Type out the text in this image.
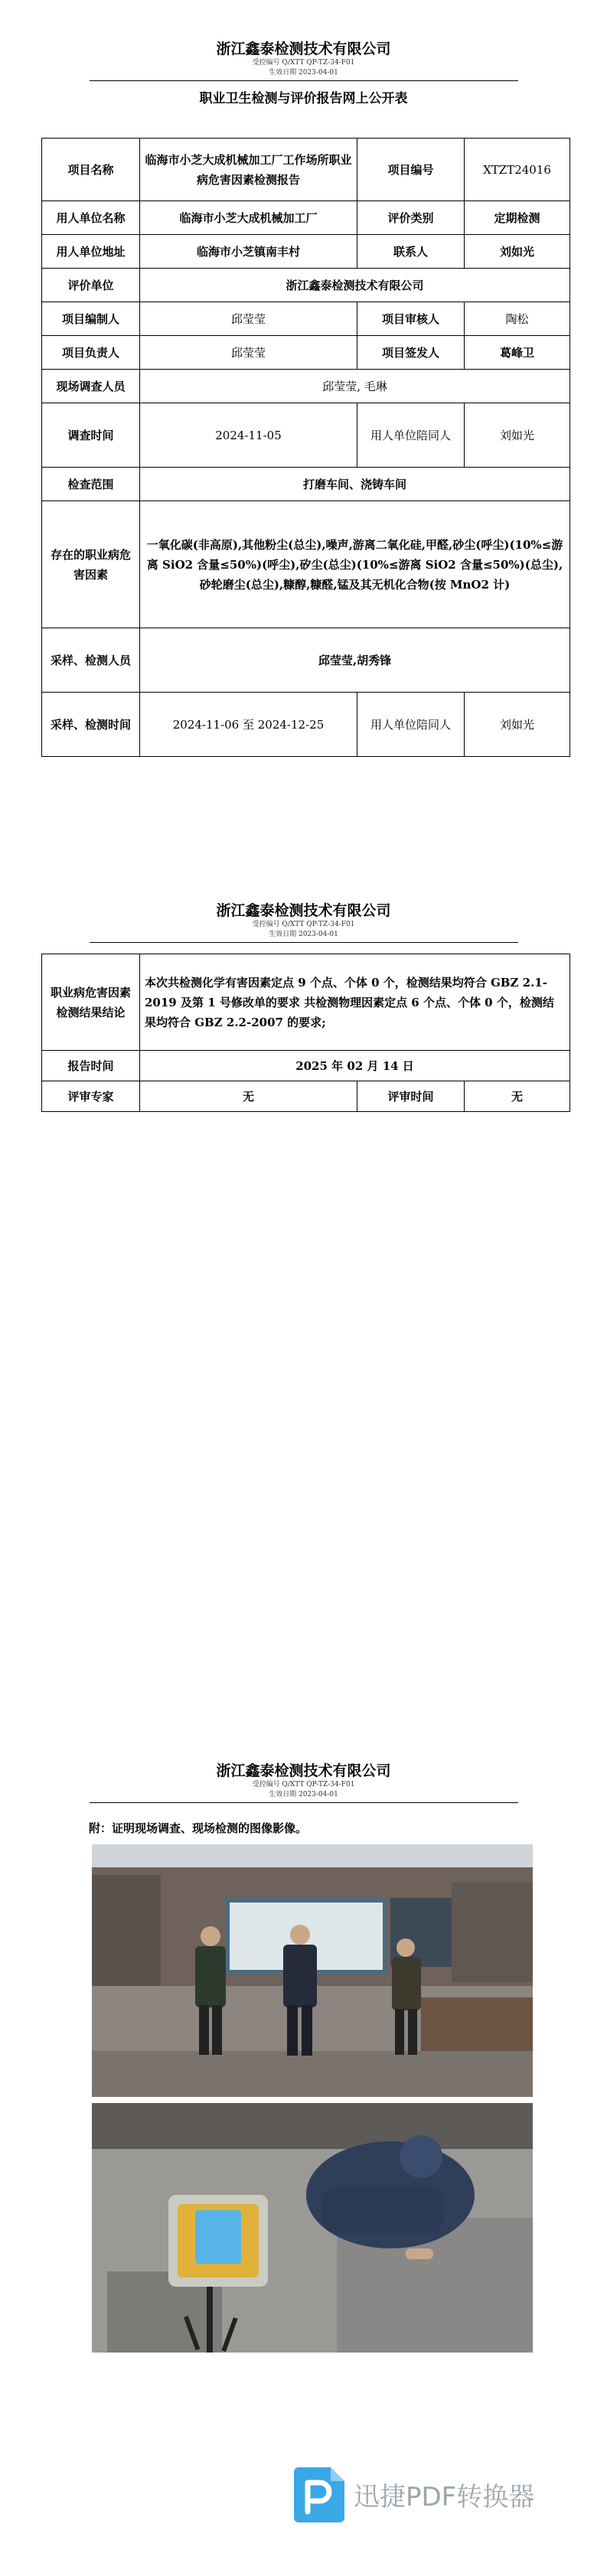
浙江鑫泰检测技术有限公司
受控编号 Q/XTT QP-TZ-34-F01
生效日期 2023-04-01
职业卫生检测与评价报告网上公开表
项目名称	临海市小芝大成机械加工厂工作场所职业病危害因素检测报告	项目编号	XTZT24016
用人单位名称	临海市小芝大成机械加工厂	评价类别	定期检测
用人单位地址	临海市小芝镇南丰村	联系人	刘如光
评价单位	浙江鑫泰检测技术有限公司		
项目编制人	邱莹莹	项目审核人	陶松
项目负责人	邱莹莹	项目签发人	葛峰卫
现场调查人员	邱莹莹, 毛琳		
调查时间	2024-11-05	用人单位陪同人	刘如光
检查范围	打磨车间、浇铸车间		
存在的职业病危害因素	一氧化碳(非高原),其他粉尘(总尘),噪声,游离二氧化硅,甲醛,砂尘(呼尘)(10%≤游离 SiO2 含量≤50%)(呼尘),矽尘(总尘)(10%≤游离 SiO2 含量≤50%)(总尘),砂轮磨尘(总尘),糠醇,糠醛,锰及其无机化合物(按 MnO2 计)		
采样、检测人员	邱莹莹,胡秀锋		
采样、检测时间	2024-11-06 至 2024-12-25	用人单位陪同人	刘如光
浙江鑫泰检测技术有限公司
受控编号 Q/XTT QP-TZ-34-F01
生效日期 2023-04-01
职业病危害因素检测结果结论	本次共检测化学有害因素定点 9 个点、个体 0 个，检测结果均符合 GBZ 2.1-2019 及第 1 号修改单的要求 共检测物理因素定点 6 个点、个体 0 个，检测结果均符合 GBZ 2.2-2007 的要求;		
报告时间	2025 年 02 月 14 日		
评审专家	无	评审时间	无
浙江鑫泰检测技术有限公司
受控编号 Q/XTT QP-TZ-34-F01
生效日期 2023-04-01
附：证明现场调查、现场检测的图像影像。
迅捷PDF转换器
